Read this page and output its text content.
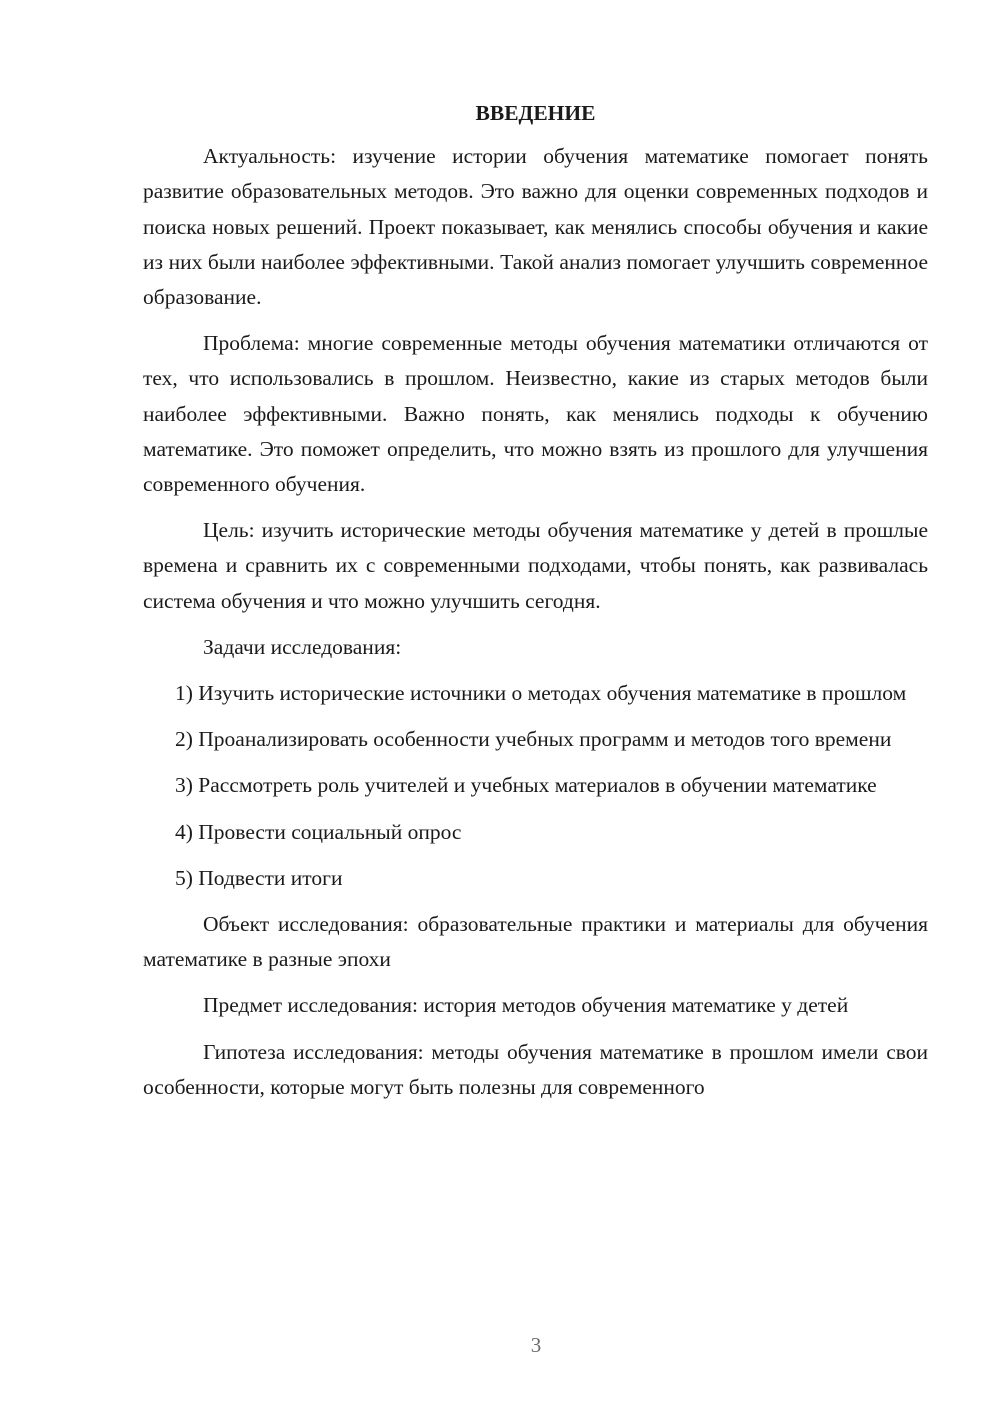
ВВЕДЕНИЕ

Актуальность: изучение истории обучения математике помогает понять развитие образовательных методов. Это важно для оценки современных подходов и поиска новых решений. Проект показывает, как менялись способы обучения и какие из них были наиболее эффективными. Такой анализ помогает улучшить современное образование.

Проблема: многие современные методы обучения математики отличаются от тех, что использовались в прошлом. Неизвестно, какие из старых методов были наиболее эффективными. Важно понять, как менялись подходы к обучению математике. Это поможет определить, что можно взять из прошлого для улучшения современного обучения.

Цель: изучить исторические методы обучения математике у детей в прошлые времена и сравнить их с современными подходами, чтобы понять, как развивалась система обучения и что можно улучшить сегодня.

Задачи исследования:

1) Изучить исторические источники о методах обучения математике в прошлом

2) Проанализировать особенности учебных программ и методов того времени

3) Рассмотреть роль учителей и учебных материалов в обучении математике

4) Провести социальный опрос

5) Подвести итоги

Объект исследования: образовательные практики и материалы для обучения математике в разные эпохи

Предмет исследования: история методов обучения математике у детей

Гипотеза исследования: методы обучения математике в прошлом имели свои особенности, которые могут быть полезны для современного

3
